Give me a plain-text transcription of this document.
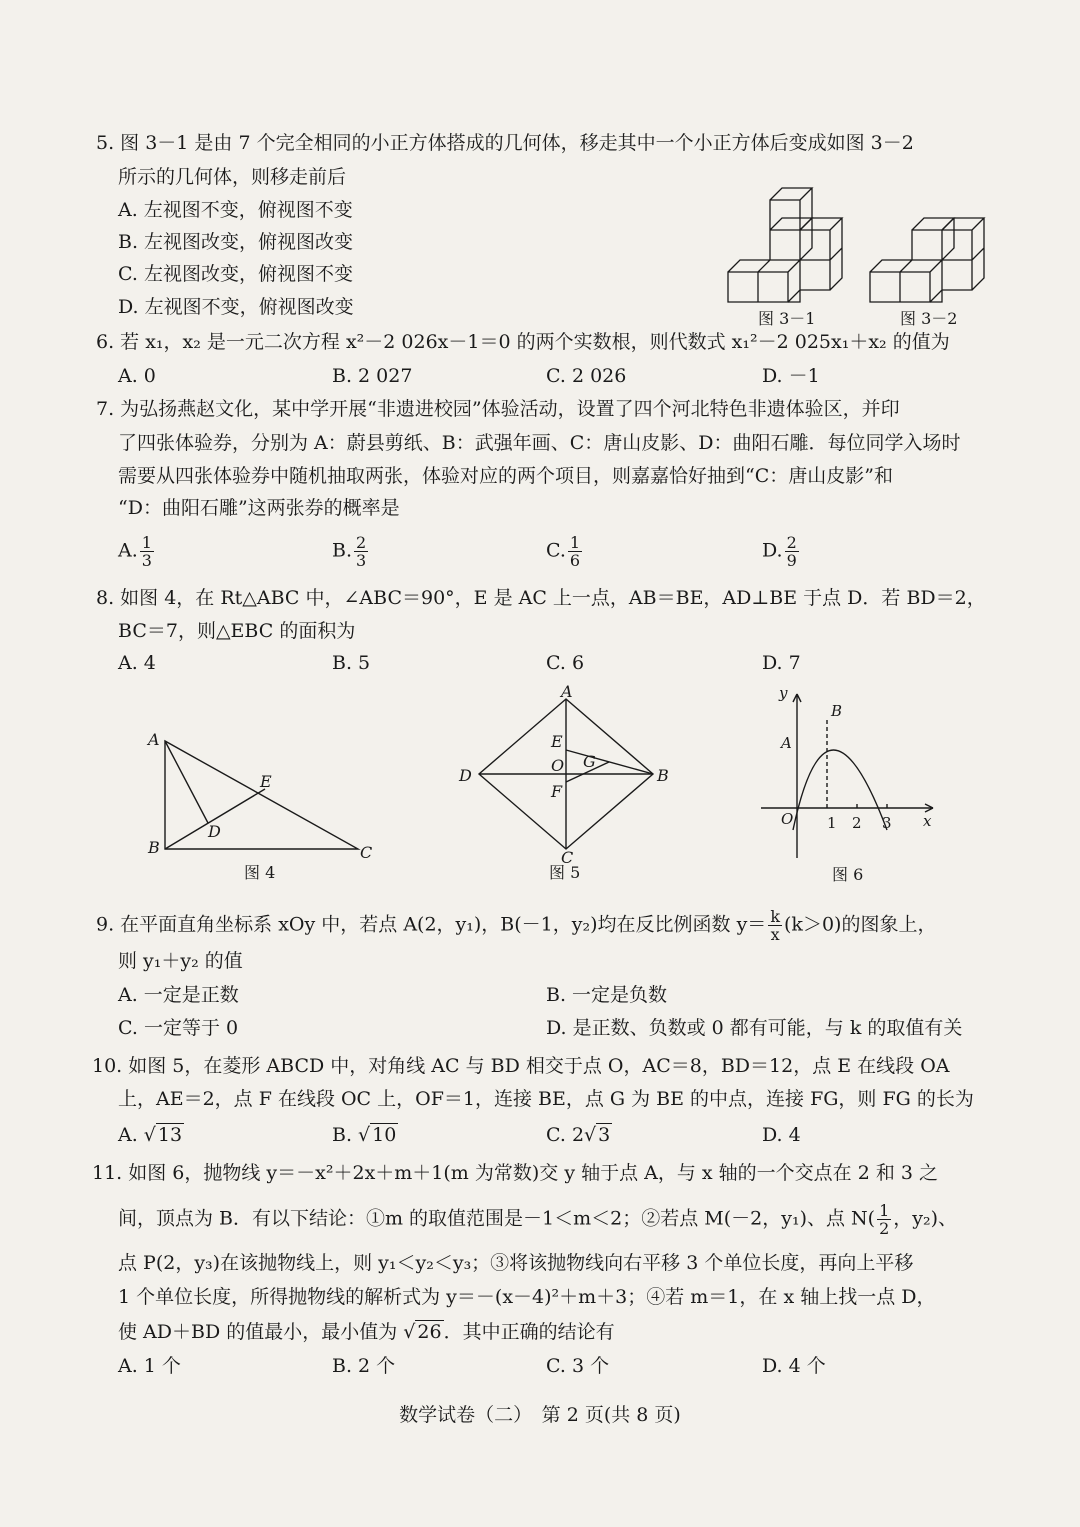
5. 图 3－1 是由 7 个完全相同的小正方体搭成的几何体，移走其中一个小正方体后变成如图 3－2
所示的几何体，则移走前后
A. 左视图不变，俯视图不变
B. 左视图改变，俯视图改变
C. 左视图改变，俯视图不变
D. 左视图不变，俯视图改变
图 3－1	图 3－2
6. 若 x₁，x₂ 是一元二次方程 x²－2 026x－1＝0 的两个实数根，则代数式 x₁²－2 025x₁＋x₂ 的值为
A. 0	B. 2 027	C. 2 026	D. －1
7. 为弘扬燕赵文化，某中学开展“非遗进校园”体验活动，设置了四个河北特色非遗体验区，并印
了四张体验券，分别为 A：蔚县剪纸、B：武强年画、C：唐山皮影、D：曲阳石雕．每位同学入场时
需要从四张体验券中随机抽取两张，体验对应的两个项目，则嘉嘉恰好抽到“C：唐山皮影”和
“D：曲阳石雕”这两张券的概率是
A. $\frac{1}{3}$	B. $\frac{2}{3}$	C. $\frac{1}{6}$	D. $\frac{2}{9}$
8. 如图 4，在 Rt△ABC 中，∠ABC＝90°，E 是 AC 上一点，AB＝BE，AD⊥BE 于点 D．若 BD＝2，
BC＝7，则△EBC 的面积为
A. 4	B. 5	C. 6	D. 7
A
B	C
D
E
图 4
A
B
C
D
E
O G
F
图 5
y
B
A
O 1 2 3 x
图 6
9. 在平面直角坐标系 xOy 中，若点 A(2，y₁)，B(－1，y₂)均在反比例函数 $y= \frac{k}{x} (k>0)$的图象上，
则 y₁＋y₂ 的值
A. 一定是正数	B. 一定是负数
C. 一定等于 0	D. 是正数、负数或 0 都有可能，与 k 的取值有关
10. 如图 5，在菱形 ABCD 中，对角线 AC 与 BD 相交于点 O，AC＝8，BD＝12，点 E 在线段 OA
上，AE＝2，点 F 在线段 OC 上，OF＝1，连接 BE，点 G 为 BE 的中点，连接 FG，则 FG 的长为
A. √ 13	B. √ 10	C. 2√ 3	D. 4
11. 如图 6，抛物线 y＝－x²＋2x＋m＋1(m 为常数)交 y 轴于点 A，与 x 轴的一个交点在 2 和 3 之
间，顶点为 B．有以下结论：①m 的取值范围是－1＜m＜2；②若点 M(－2，y₁)、点 $N( \frac{1}{2}$ ，y₂)、
点 P(2，y₃)在该抛物线上，则 y₁＜y₂＜y₃；③将该抛物线向右平移 3 个单位长度，再向上平移
1 个单位长度，所得抛物线的解析式为 y＝－(x－4)²＋m＋3；④若 m＝1，在 x 轴上找一点 D，
使 AD＋BD 的值最小，最小值为 √ 26 ．其中正确的结论有
A. 1 个	B. 2 个	C. 3 个	D. 4 个
数学试卷（二）　第 2 页(共 8 页)
